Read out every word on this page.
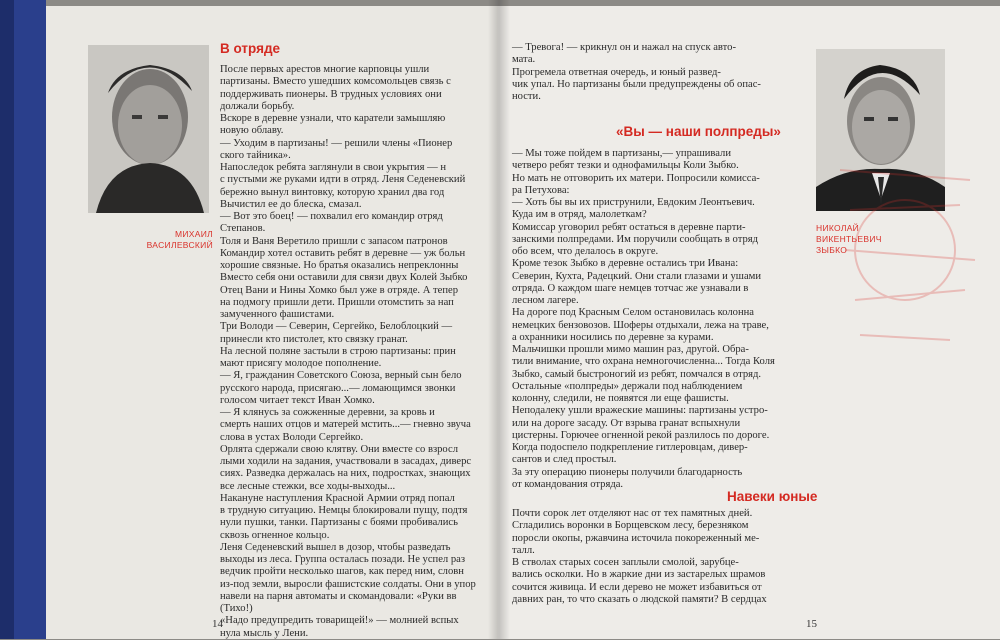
МИХАИЛ
ВАСИЛЕВСКИЙ
В отряде

После первых арестов многие карповцы ушли

партизаны. Вместо ушедших комсомольцев связь с

поддерживать пионеры. В трудных условиях они

должали борьбу.

Вскоре в деревне узнали, что каратели замышляю

новую облаву.

— Уходим в партизаны! — решили члены «Пионер

ского тайника».

Напоследок ребята заглянули в свои укрытия — н

с пустыми же руками идти в отряд. Леня Седеневский

бережно вынул винтовку, которую хранил два год

Вычистил ее до блеска, смазал.

— Вот это боец! — похвалил его командир отряд

Степанов.

Толя и Ваня Веретило пришли с запасом патронов

Командир хотел оставить ребят в деревне — уж больн

хорошие связные. Но братья оказались непреклонны

Вместо себя они оставили для связи двух Колей Зыбко

Отец Вани и Нины Хомко был уже в отряде. А тепер

на подмогу пришли дети. Пришли отомстить за нап

замученного фашистами.

Три Володи — Северин, Сергейко, Белоблоцкий —

принесли кто пистолет, кто связку гранат.

На лесной поляне застыли в строю партизаны: прин

мают присягу молодое пополнение.

— Я, гражданин Советского Союза, верный сын бело

русского народа, присягаю...— ломающимся звонки

голосом читает текст Иван Хомко.

— Я клянусь за сожженные деревни, за кровь и

смерть наших отцов и матерей мстить...— гневно звуча

слова в устах Володи Сергейко.

Орлята сдержали свою клятву. Они вместе со взросл

лыми ходили на задания, участвовали в засадах, диверс

сиях. Разведка держалась на них, подростках, знающих

все лесные стежки, все ходы-выходы...

Накануне наступления Красной Армии отряд попал

в трудную ситуацию. Немцы блокировали пущу, подтя

нули пушки, танки. Партизаны с боями пробивались

сквозь огненное кольцо.

Леня Седеневский вышел в дозор, чтобы разведать

выходы из леса. Группа осталась позади. Не успел раз

ведчик пройти несколько шагов, как перед ним, словн

из-под земли, выросли фашистские солдаты. Они в упор

навели на парня автоматы и скомандовали: «Руки вв

(Тихо!)

«Надо предупредить товарищей!» — молнией вспых

нула мысль у Лени.

14

— Тревога! — крикнул он и нажал на спуск авто-

мата.

Прогремела ответная очередь, и юный развед-

чик упал. Но партизаны были предупреждены об опас-

ности.

«Вы — наши полпреды»

— Мы тоже пойдем в партизаны,— упрашивали

четверо ребят тезки и однофамильцы Коли Зыбко.

Но мать не отговорить их матери. Попросили комисса-

ра Петухова:

— Хоть бы вы их приструнили, Евдоким Леонтьевич.

Куда им в отряд, малолеткам?

Комиссар уговорил ребят остаться в деревне парти-

занскими полпредами. Им поручили сообщать в отряд

обо всем, что делалось в округе.

Кроме тезок Зыбко в деревне остались три Ивана:

Северин, Кухта, Радецкий. Они стали глазами и ушами

отряда. О каждом шаге немцев тотчас же узнавали в

лесном лагере.

На дороге под Красным Селом остановилась колонна

немецких бензовозов. Шоферы отдыхали, лежа на траве,

а охранники носились по деревне за курами.

Мальчишки прошли мимо машин раз, другой. Обра-

тили внимание, что охрана немногочисленна... Тогда Коля

Зыбко, самый быстроногий из ребят, помчался в отряд.

Остальные «полпреды» держали под наблюдением

колонну, следили, не появятся ли еще фашисты.

Неподалеку ушли вражеские машины: партизаны устро-

или на дороге засаду. От взрыва гранат вспыхнули

цистерны. Горючее огненной рекой разлилось по дороге.

Когда подоспело подкрепление гитлеровцам, дивер-

сантов и след простыл.

За эту операцию пионеры получили благодарность

от командования отряда.

Навеки юные

Почти сорок лет отделяют нас от тех памятных дней.

Сгладились воронки в Борщевском лесу, березняком

поросли окопы, ржавчина источила покореженный ме-

талл.

В стволах старых сосен заплыли смолой, зарубце-

вались осколки. Но в жаркие дни из застарелых шрамов

сочится живица. И если дерево не может избавиться от

давних ран, то что сказать о людской памяти? В сердцах

15
НИКОЛАЙ
ВИКЕНТЬЕВИЧ
ЗЫБКО
